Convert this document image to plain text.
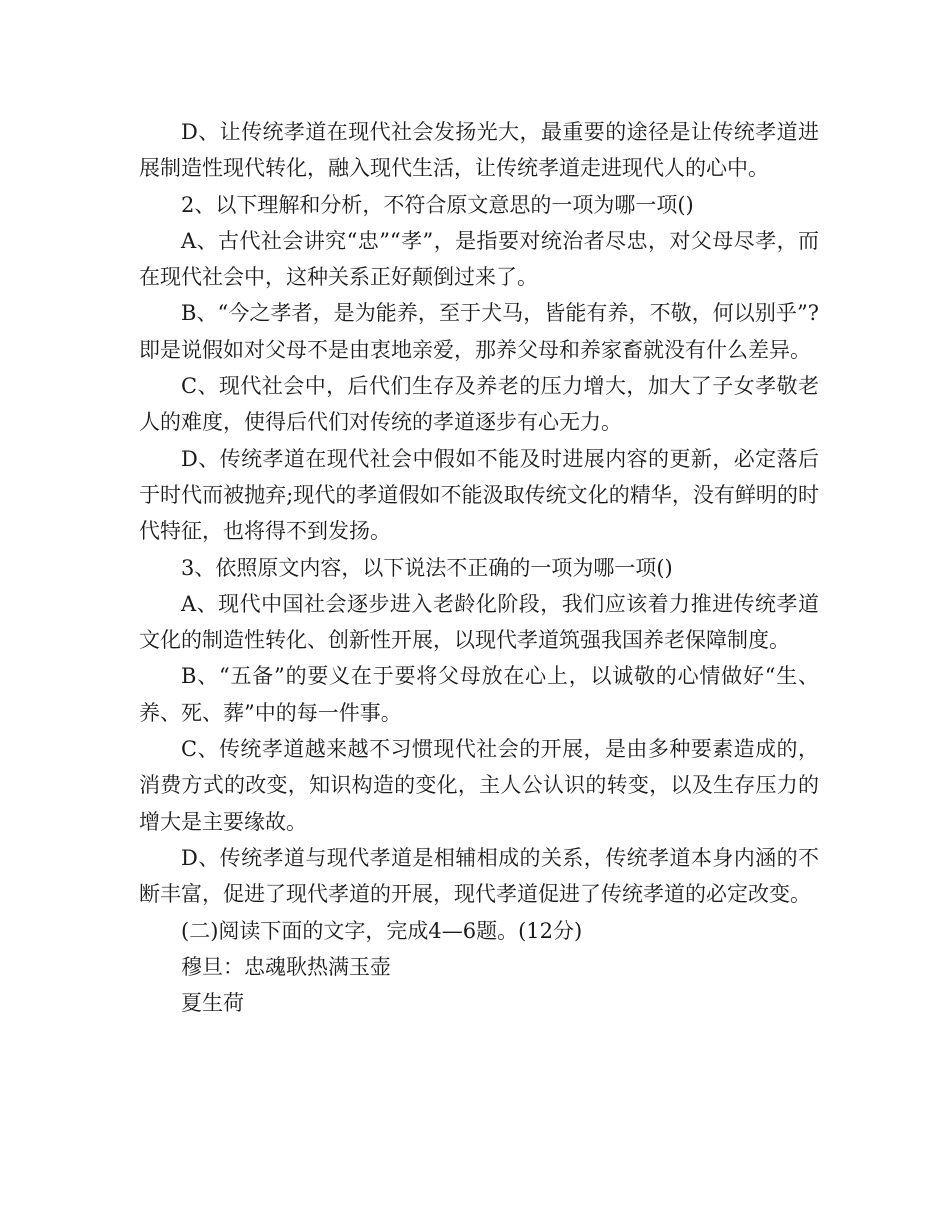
D、让传统孝道在现代社会发扬光大，最重要的途径是让传统孝道进展制造性现代转化，融入现代生活，让传统孝道走进现代人的心中。

2、以下理解和分析，不符合原文意思的一项为哪一项()

A、古代社会讲究“忠”“孝”，是指要对统治者尽忠，对父母尽孝，而在现代社会中，这种关系正好颠倒过来了。

B、“今之孝者，是为能养，至于犬马，皆能有养，不敬，何以别乎”?即是说假如对父母不是由衷地亲爱，那养父母和养家畜就没有什么差异。

C、现代社会中，后代们生存及养老的压力增大，加大了子女孝敬老人的难度，使得后代们对传统的孝道逐步有心无力。

D、传统孝道在现代社会中假如不能及时进展内容的更新，必定落后于时代而被抛弃;现代的孝道假如不能汲取传统文化的精华，没有鲜明的时代特征，也将得不到发扬。

3、依照原文内容，以下说法不正确的一项为哪一项()

A、现代中国社会逐步进入老龄化阶段，我们应该着力推进传统孝道文化的制造性转化、创新性开展，以现代孝道筑强我国养老保障制度。

B、“五备”的要义在于要将父母放在心上，以诚敬的心情做好“生、养、死、葬”中的每一件事。

C、传统孝道越来越不习惯现代社会的开展，是由多种要素造成的，消费方式的改变，知识构造的变化，主人公认识的转变，以及生存压力的增大是主要缘故。

D、传统孝道与现代孝道是相辅相成的关系，传统孝道本身内涵的不断丰富，促进了现代孝道的开展，现代孝道促进了传统孝道的必定改变。

(二)阅读下面的文字，完成4—6题。(12分)

穆旦：忠魂耿热满玉壶

夏生荷
